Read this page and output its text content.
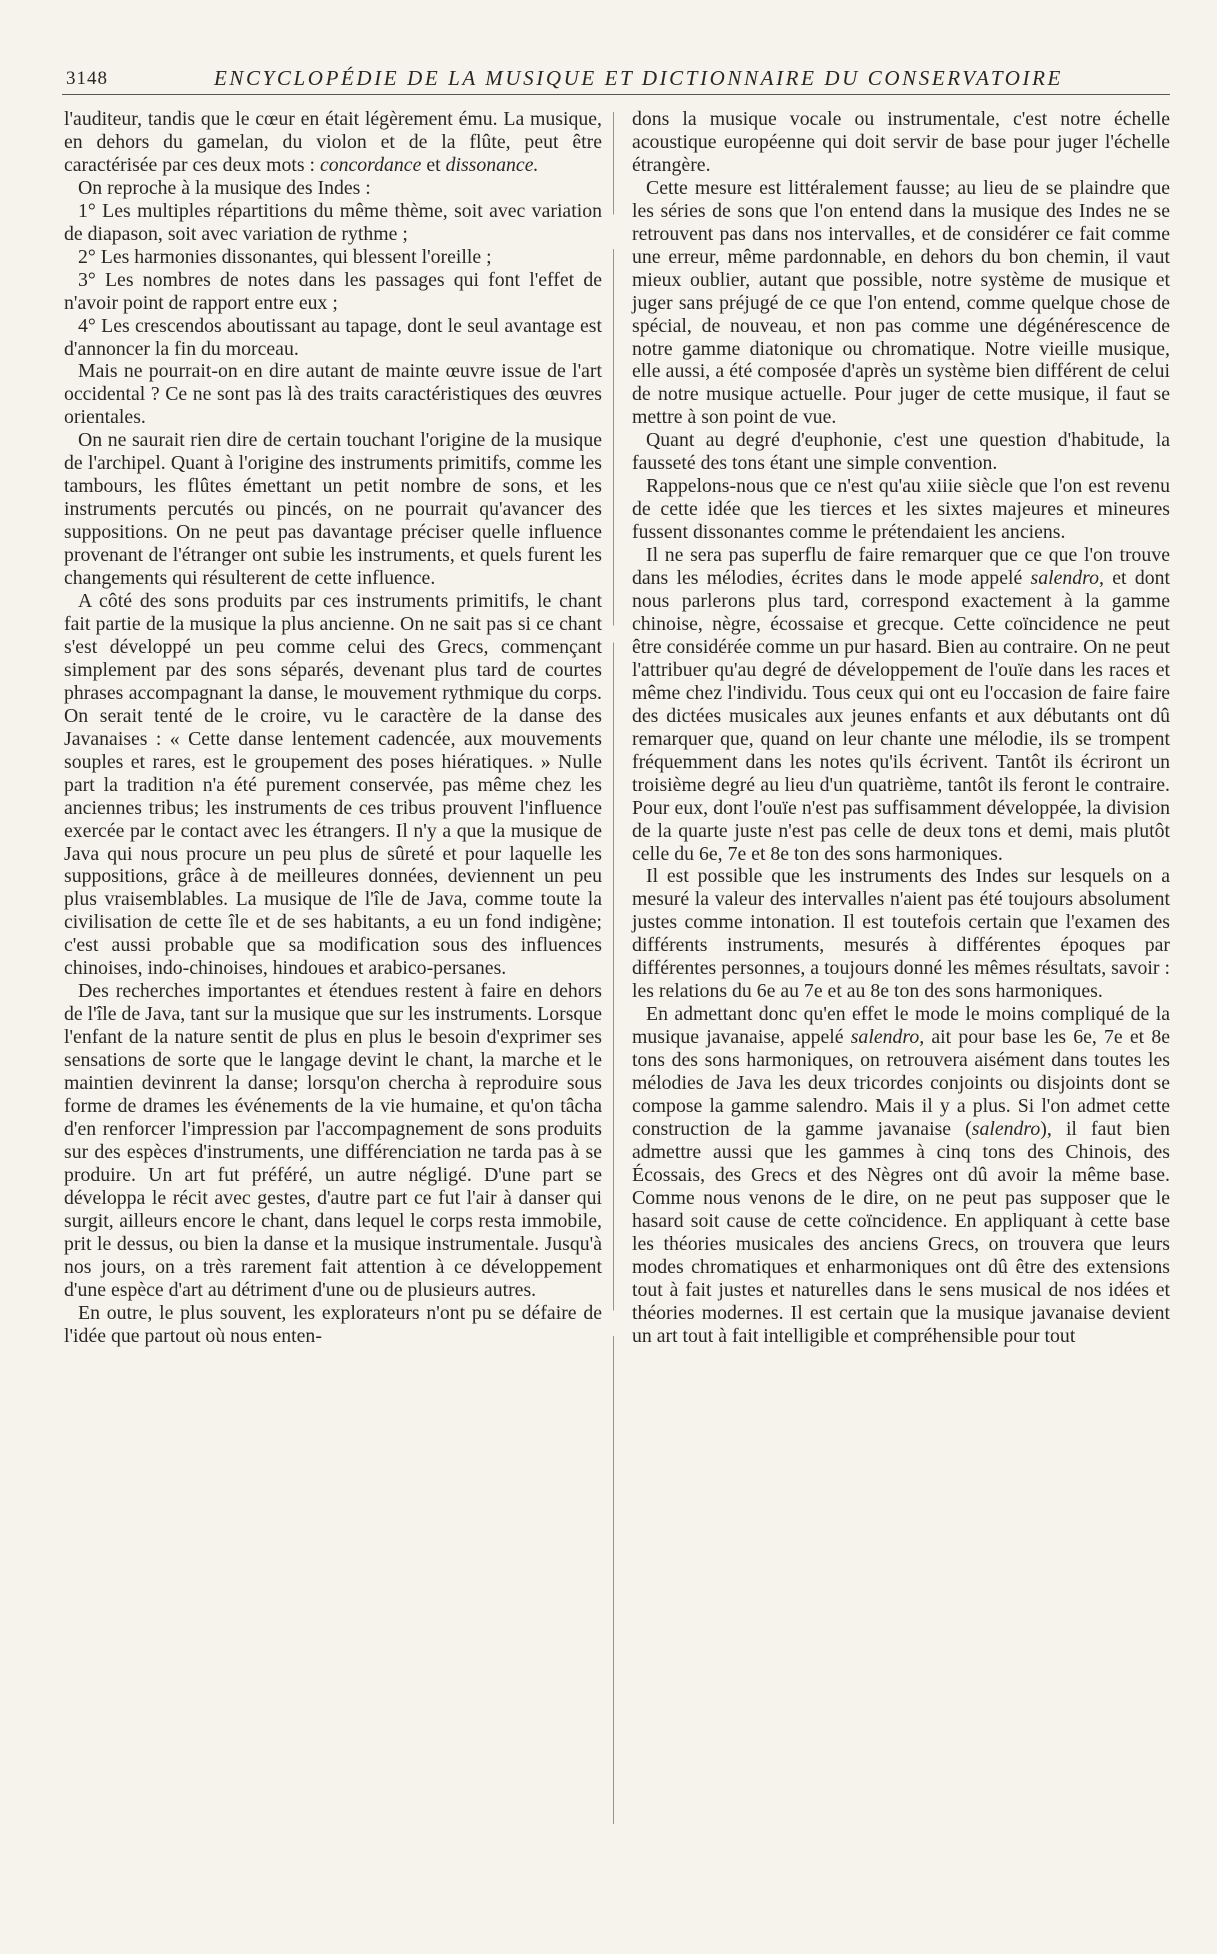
3148	ENCYCLOPÉDIE DE LA MUSIQUE ET DICTIONNAIRE DU CONSERVATOIRE

l'auditeur, tandis que le cœur en était légèrement ému. La musique, en dehors du gamelan, du violon et de la flûte, peut être caractérisée par ces deux mots : concordance et dissonance.

On reproche à la musique des Indes :

1° Les multiples répartitions du même thème, soit avec variation de diapason, soit avec variation de rythme ;

2° Les harmonies dissonantes, qui blessent l'oreille ;

3° Les nombres de notes dans les passages qui font l'effet de n'avoir point de rapport entre eux ;

4° Les crescendos aboutissant au tapage, dont le seul avantage est d'annoncer la fin du morceau.

Mais ne pourrait-on en dire autant de mainte œuvre issue de l'art occidental ? Ce ne sont pas là des traits caractéristiques des œuvres orientales.

On ne saurait rien dire de certain touchant l'origine de la musique de l'archipel. Quant à l'origine des instruments primitifs, comme les tambours, les flûtes émettant un petit nombre de sons, et les instruments percutés ou pincés, on ne pourrait qu'avancer des suppositions. On ne peut pas davantage préciser quelle influence provenant de l'étranger ont subie les instruments, et quels furent les changements qui résulterent de cette influence.

A côté des sons produits par ces instruments primitifs, le chant fait partie de la musique la plus ancienne. On ne sait pas si ce chant s'est développé un peu comme celui des Grecs, commençant simplement par des sons séparés, devenant plus tard de courtes phrases accompagnant la danse, le mouvement rythmique du corps. On serait tenté de le croire, vu le caractère de la danse des Javanaises : « Cette danse lentement cadencée, aux mouvements souples et rares, est le groupement des poses hiératiques. » Nulle part la tradition n'a été purement conservée, pas même chez les anciennes tribus; les instruments de ces tribus prouvent l'influence exercée par le contact avec les étrangers. Il n'y a que la musique de Java qui nous procure un peu plus de sûreté et pour laquelle les suppositions, grâce à de meilleures données, deviennent un peu plus vraisemblables. La musique de l'île de Java, comme toute la civilisation de cette île et de ses habitants, a eu un fond indigène; c'est aussi probable que sa modification sous des influences chinoises, indo-chinoises, hindoues et arabico-persanes.

Des recherches importantes et étendues restent à faire en dehors de l'île de Java, tant sur la musique que sur les instruments. Lorsque l'enfant de la nature sentit de plus en plus le besoin d'exprimer ses sensations de sorte que le langage devint le chant, la marche et le maintien devinrent la danse; lorsqu'on chercha à reproduire sous forme de drames les événements de la vie humaine, et qu'on tâcha d'en renforcer l'impression par l'accompagnement de sons produits sur des espèces d'instruments, une différenciation ne tarda pas à se produire. Un art fut préféré, un autre négligé. D'une part se développa le récit avec gestes, d'autre part ce fut l'air à danser qui surgit, ailleurs encore le chant, dans lequel le corps resta immobile, prit le dessus, ou bien la danse et la musique instrumentale. Jusqu'à nos jours, on a très rarement fait attention à ce développement d'une espèce d'art au détriment d'une ou de plusieurs autres.

En outre, le plus souvent, les explorateurs n'ont pu se défaire de l'idée que partout où nous enten-

dons la musique vocale ou instrumentale, c'est notre échelle acoustique européenne qui doit servir de base pour juger l'échelle étrangère.

Cette mesure est littéralement fausse; au lieu de se plaindre que les séries de sons que l'on entend dans la musique des Indes ne se retrouvent pas dans nos intervalles, et de considérer ce fait comme une erreur, même pardonnable, en dehors du bon chemin, il vaut mieux oublier, autant que possible, notre système de musique et juger sans préjugé de ce que l'on entend, comme quelque chose de spécial, de nouveau, et non pas comme une dégénérescence de notre gamme diatonique ou chromatique. Notre vieille musique, elle aussi, a été composée d'après un système bien différent de celui de notre musique actuelle. Pour juger de cette musique, il faut se mettre à son point de vue.

Quant au degré d'euphonie, c'est une question d'habitude, la fausseté des tons étant une simple convention.

Rappelons-nous que ce n'est qu'au xiiie siècle que l'on est revenu de cette idée que les tierces et les sixtes majeures et mineures fussent dissonantes comme le prétendaient les anciens.

Il ne sera pas superflu de faire remarquer que ce que l'on trouve dans les mélodies, écrites dans le mode appelé salendro, et dont nous parlerons plus tard, correspond exactement à la gamme chinoise, nègre, écossaise et grecque. Cette coïncidence ne peut être considérée comme un pur hasard. Bien au contraire. On ne peut l'attribuer qu'au degré de développement de l'ouïe dans les races et même chez l'individu. Tous ceux qui ont eu l'occasion de faire faire des dictées musicales aux jeunes enfants et aux débutants ont dû remarquer que, quand on leur chante une mélodie, ils se trompent fréquemment dans les notes qu'ils écrivent. Tantôt ils écriront un troisième degré au lieu d'un quatrième, tantôt ils feront le contraire. Pour eux, dont l'ouïe n'est pas suffisamment développée, la division de la quarte juste n'est pas celle de deux tons et demi, mais plutôt celle du 6e, 7e et 8e ton des sons harmoniques.

Il est possible que les instruments des Indes sur lesquels on a mesuré la valeur des intervalles n'aient pas été toujours absolument justes comme intonation. Il est toutefois certain que l'examen des différents instruments, mesurés à différentes époques par différentes personnes, a toujours donné les mêmes résultats, savoir : les relations du 6e au 7e et au 8e ton des sons harmoniques.

En admettant donc qu'en effet le mode le moins compliqué de la musique javanaise, appelé salendro, ait pour base les 6e, 7e et 8e tons des sons harmoniques, on retrouvera aisément dans toutes les mélodies de Java les deux tricordes conjoints ou disjoints dont se compose la gamme salendro. Mais il y a plus. Si l'on admet cette construction de la gamme javanaise (salendro), il faut bien admettre aussi que les gammes à cinq tons des Chinois, des Écossais, des Grecs et des Nègres ont dû avoir la même base. Comme nous venons de le dire, on ne peut pas supposer que le hasard soit cause de cette coïncidence. En appliquant à cette base les théories musicales des anciens Grecs, on trouvera que leurs modes chromatiques et enharmoniques ont dû être des extensions tout à fait justes et naturelles dans le sens musical de nos idées et théories modernes. Il est certain que la musique javanaise devient un art tout à fait intelligible et compréhensible pour tout
